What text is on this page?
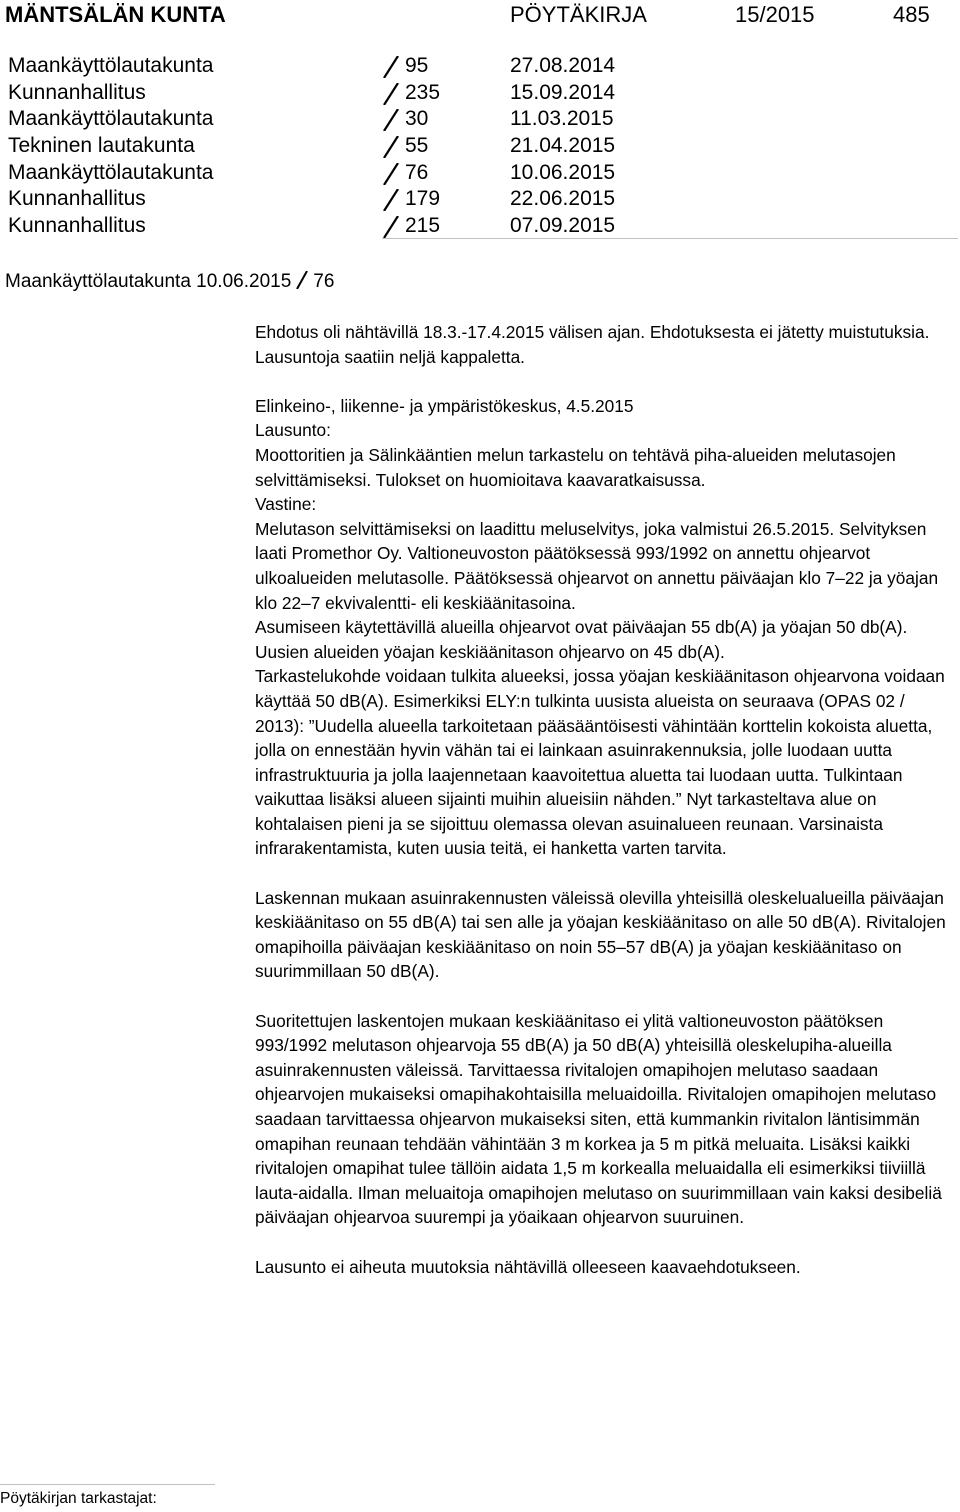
MÄNTSÄLÄN KUNTA	PÖYTÄKIRJA	15/2015	485
Maankäyttölautakunta	95	27.08.2014
Kunnanhallitus	235	15.09.2014
Maankäyttölautakunta	30	11.03.2015
Tekninen lautakunta	55	21.04.2015
Maankäyttölautakunta	76	10.06.2015
Kunnanhallitus	179	22.06.2015
Kunnanhallitus	215	07.09.2015
Maankäyttölautakunta 10.06.2015 76

Ehdotus oli nähtävillä 18.3.-17.4.2015 välisen ajan. Ehdotuksesta ei jätetty muistutuksia. Lausuntoja saatiin neljä kappaletta.

Elinkeino-, liikenne- ja ympäristökeskus, 4.5.2015

Lausunto:

Moottoritien ja Sälinkääntien melun tarkastelu on tehtävä piha-alueiden melutasojen selvittämiseksi. Tulokset on huomioitava kaavaratkaisussa.

Vastine:

Melutason selvittämiseksi on laadittu meluselvitys, joka valmistui 26.5.2015. Selvityksen laati Promethor Oy. Valtioneuvoston päätöksessä 993/1992 on annettu ohjearvot ulkoalueiden melutasolle. Päätöksessä ohjearvot on annettu päiväajan klo 7–22 ja yöajan klo 22–7 ekvivalentti- eli keskiäänitasoina.

Asumiseen käytettävillä alueilla ohjearvot ovat päiväajan 55 db(A) ja yöajan 50 db(A). Uusien alueiden yöajan keskiäänitason ohjearvo on 45 db(A).

Tarkastelukohde voidaan tulkita alueeksi, jossa yöajan keskiäänitason ohjearvona voidaan käyttää 50 dB(A). Esimerkiksi ELY:n tulkinta uusista alueista on seuraava (OPAS 02 / 2013): ”Uudella alueella tarkoitetaan pääsääntöisesti vähintään korttelin kokoista aluetta, jolla on ennestään hyvin vähän tai ei lainkaan asuinrakennuksia, jolle luodaan uutta infrastruktuuria ja jolla laajennetaan kaavoitettua aluetta tai luodaan uutta. Tulkintaan vaikuttaa lisäksi alueen sijainti muihin alueisiin nähden.” Nyt tarkasteltava alue on kohtalaisen pieni ja se sijoittuu olemassa olevan asuinalueen reunaan. Varsinaista infrarakentamista, kuten uusia teitä, ei hanketta varten tarvita.

Laskennan mukaan asuinrakennusten väleissä olevilla yhteisillä oleskelualueilla päiväajan keskiäänitaso on 55 dB(A) tai sen alle ja yöajan keskiäänitaso on alle 50 dB(A). Rivitalojen omapihoilla päiväajan keskiäänitaso on noin 55–57 dB(A) ja yöajan keskiäänitaso on suurimmillaan 50 dB(A).

Suoritettujen laskentojen mukaan keskiäänitaso ei ylitä valtioneuvoston päätöksen 993/1992 melutason ohjearvoja 55 dB(A) ja 50 dB(A) yhteisillä oleskelupiha-alueilla asuinrakennusten väleissä. Tarvittaessa rivitalojen omapihojen melutaso saadaan ohjearvojen mukaiseksi omapihakohtaisilla meluaidoilla. Rivitalojen omapihojen melutaso saadaan tarvittaessa ohjearvon mukaiseksi siten, että kummankin rivitalon läntisimmän omapihan reunaan tehdään vähintään 3 m korkea ja 5 m pitkä meluaita. Lisäksi kaikki rivitalojen omapihat tulee tällöin aidata 1,5 m korkealla meluaidalla eli esimerkiksi tiiviillä lauta-aidalla. Ilman meluaitoja omapihojen melutaso on suurimmillaan vain kaksi desibeliä päiväajan ohjearvoa suurempi ja yöaikaan ohjearvon suuruinen.

Lausunto ei aiheuta muutoksia nähtävillä olleeseen kaavaehdotukseen.

Pöytäkirjan tarkastajat:
